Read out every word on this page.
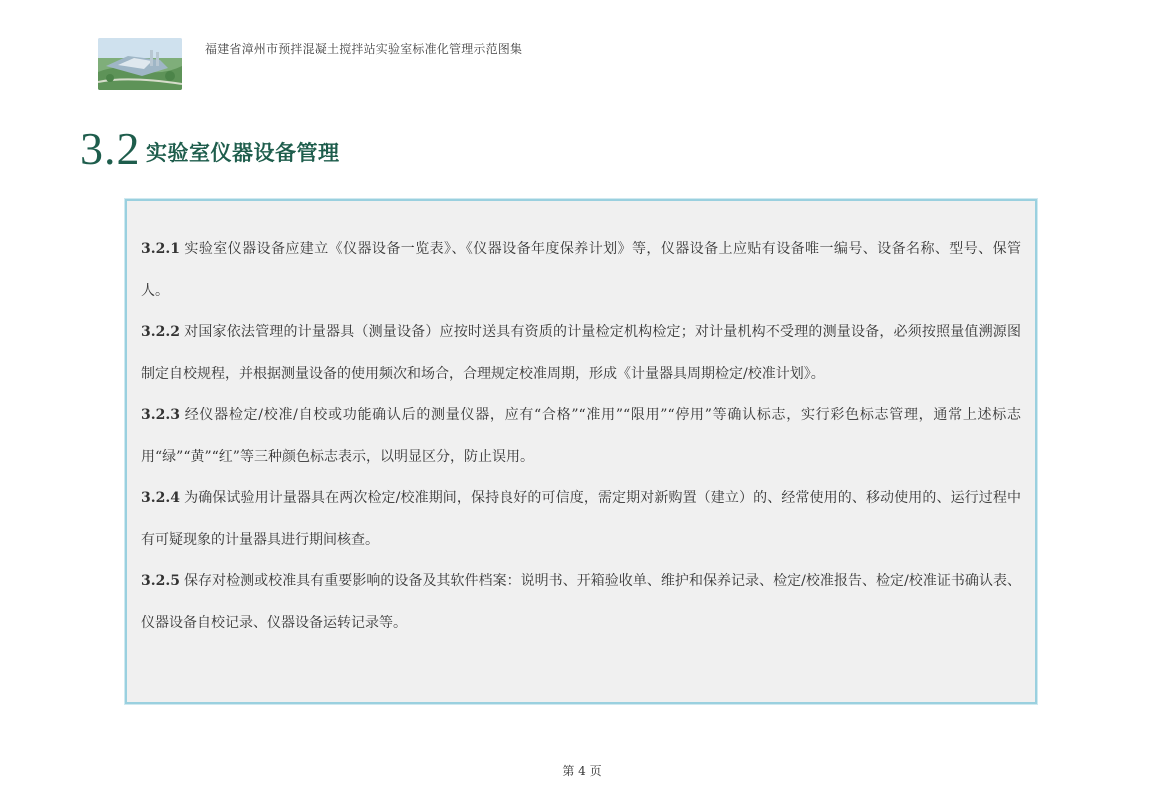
福建省漳州市预拌混凝土搅拌站实验室标准化管理示范图集
3.2 实验室仪器设备管理

3.2.1 实验室仪器设备应建立《仪器设备一览表》、《仪器设备年度保养计划》等，仪器设备上应贴有设备唯一编号、设备名称、型号、保管人。

3.2.2 对国家依法管理的计量器具（测量设备）应按时送具有资质的计量检定机构检定；对计量机构不受理的测量设备，必须按照量值溯源图制定自校规程，并根据测量设备的使用频次和场合，合理规定校准周期，形成《计量器具周期检定/校准计划》。

3.2.3 经仪器检定/校准/自校或功能确认后的测量仪器，应有“合格”“准用”“限用”“停用”等确认标志，实行彩色标志管理，通常上述标志用“绿”“黄”“红”等三种颜色标志表示，以明显区分，防止误用。

3.2.4 为确保试验用计量器具在两次检定/校准期间，保持良好的可信度，需定期对新购置（建立）的、经常使用的、移动使用的、运行过程中有可疑现象的计量器具进行期间核查。

3.2.5 保存对检测或校准具有重要影响的设备及其软件档案：说明书、开箱验收单、维护和保养记录、检定/校准报告、检定/校准证书确认表、仪器设备自校记录、仪器设备运转记录等。

第 4 页
